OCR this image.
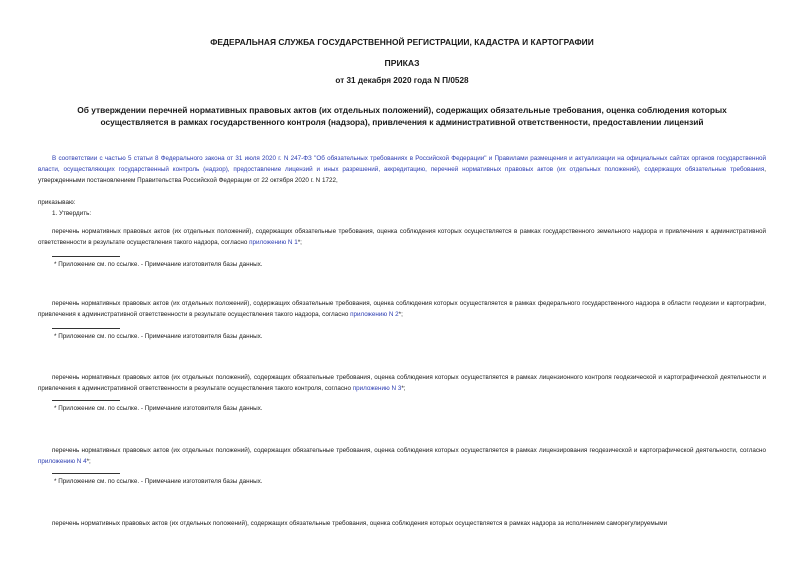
ФЕДЕРАЛЬНАЯ СЛУЖБА ГОСУДАРСТВЕННОЙ РЕГИСТРАЦИИ, КАДАСТРА И КАРТОГРАФИИ
ПРИКАЗ
от 31 декабря 2020 года N П/0528
Об утверждении перечней нормативных правовых актов (их отдельных положений), содержащих обязательные требования, оценка соблюдения которых
осуществляется в рамках государственного контроля (надзора), привлечения к административной ответственности, предоставлении лицензий
В соответствии с частью 5 статьи 8 Федерального закона от 31 июля 2020 г. N 247-ФЗ "Об обязательных требованиях в Российской Федерации" и Правилами размещения и актуализации на официальных сайтах органов государственной власти, осуществляющих государственный контроль (надзор), предоставление лицензий и иных разрешений, аккредитацию, перечней нормативных правовых актов (их отдельных положений), содержащих обязательные требования, утвержденными постановлением Правительства Российской Федерации от 22 октября 2020 г. N 1722,
приказываю:
1. Утвердить:
перечень нормативных правовых актов (их отдельных положений), содержащих обязательные требования, оценка соблюдения которых осуществляется в рамках государственного земельного надзора и привлечения к административной ответственности в результате осуществления такого надзора, согласно приложению N 1*;
* Приложение см. по ссылке. - Примечание изготовителя базы данных.
перечень нормативных правовых актов (их отдельных положений), содержащих обязательные требования, оценка соблюдения которых осуществляется в рамках федерального государственного надзора в области геодезии и картографии, привлечения к административной ответственности в результате осуществления такого надзора, согласно приложению N 2*;
* Приложение см. по ссылке. - Примечание изготовителя базы данных.
перечень нормативных правовых актов (их отдельных положений), содержащих обязательные требования, оценка соблюдения которых осуществляется в рамках лицензионного контроля геодезической и картографической деятельности и привлечения к административной ответственности в результате осуществления такого контроля, согласно приложению N 3*;
* Приложение см. по ссылке. - Примечание изготовителя базы данных.
перечень нормативных правовых актов (их отдельных положений), содержащих обязательные требования, оценка соблюдения которых осуществляется в рамках лицензирования геодезической и картографической деятельности, согласно приложению N 4*;
* Приложение см. по ссылке. - Примечание изготовителя базы данных.
перечень нормативных правовых актов (их отдельных положений), содержащих обязательные требования, оценка соблюдения которых осуществляется в рамках надзора за исполнением саморегулируемыми
